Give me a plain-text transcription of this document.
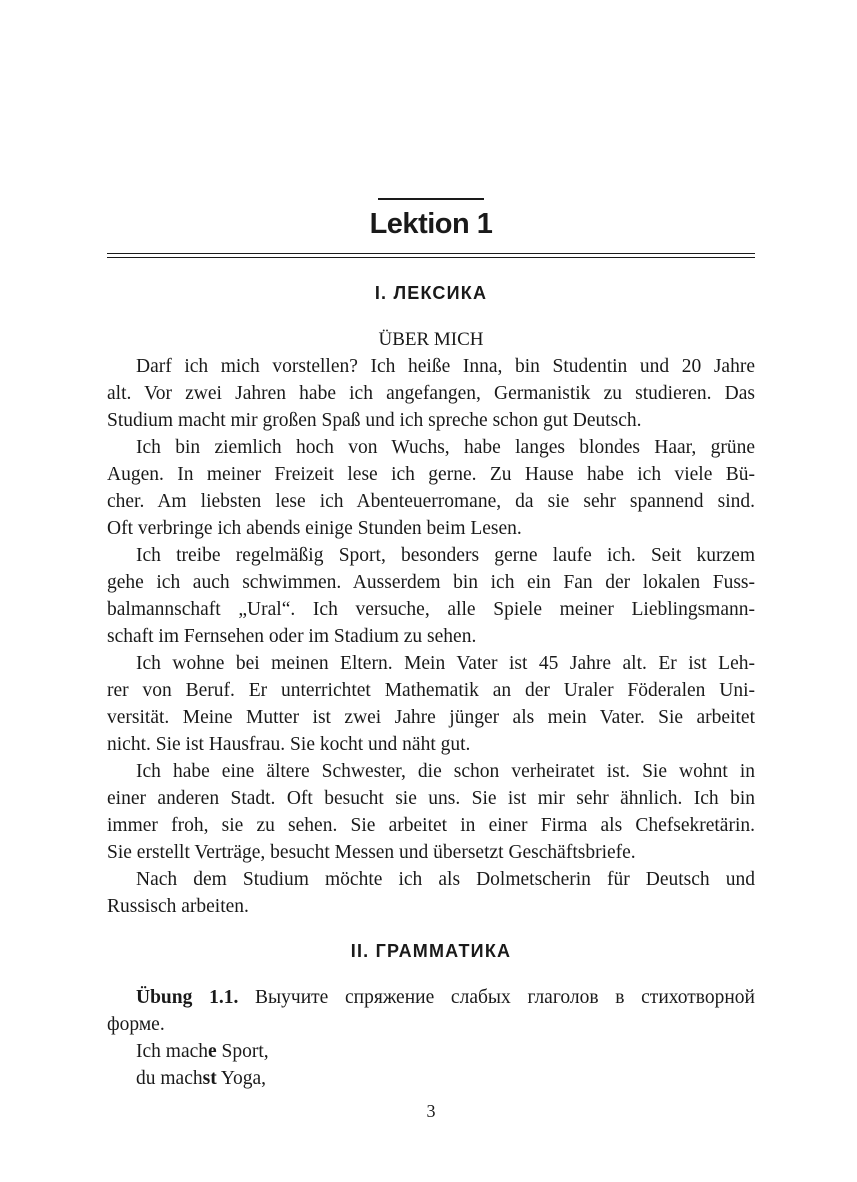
Lektion 1
I. ЛЕКСИКА
ÜBER MICH

Darf ich mich vorstellen? Ich heiße Inna, bin Studentin und 20 Jahre
alt. Vor zwei Jahren habe ich angefangen, Germanistik zu studieren. Das
Studium macht mir großen Spaß und ich spreche schon gut Deutsch.

Ich bin ziemlich hoch von Wuchs, habe langes blondes Haar, grüne
Augen. In meiner Freizeit lese ich gerne. Zu Hause habe ich viele Bü-
cher. Am liebsten lese ich Abenteuerromane, da sie sehr spannend sind.
Oft verbringe ich abends einige Stunden beim Lesen.

Ich treibe regelmäßig Sport, besonders gerne laufe ich. Seit kurzem
gehe ich auch schwimmen. Ausserdem bin ich ein Fan der lokalen Fuss-
balmannschaft „Ural“. Ich versuche, alle Spiele meiner Lieblingsmann-
schaft im Fernsehen oder im Stadium zu sehen.

Ich wohne bei meinen Eltern. Mein Vater ist 45 Jahre alt. Er ist Leh-
rer von Beruf. Er unterrichtet Mathematik an der Uraler Föderalen Uni-
versität. Meine Mutter ist zwei Jahre jünger als mein Vater. Sie arbeitet
nicht. Sie ist Hausfrau. Sie kocht und näht gut.

Ich habe eine ältere Schwester, die schon verheiratet ist. Sie wohnt in
einer anderen Stadt. Oft besucht sie uns. Sie ist mir sehr ähnlich. Ich bin
immer froh, sie zu sehen. Sie arbeitet in einer Firma als Chefsekretärin.
Sie erstellt Verträge, besucht Messen und übersetzt Geschäftsbriefe.

Nach dem Studium möchte ich als Dolmetscherin für Deutsch und
Russisch arbeiten.

II. ГРАММАТИКА

Übung 1.1. Выучите спряжение слабых глаголов в стихотворной
форме.

Ich mache Sport,
du machst Yoga,
3
